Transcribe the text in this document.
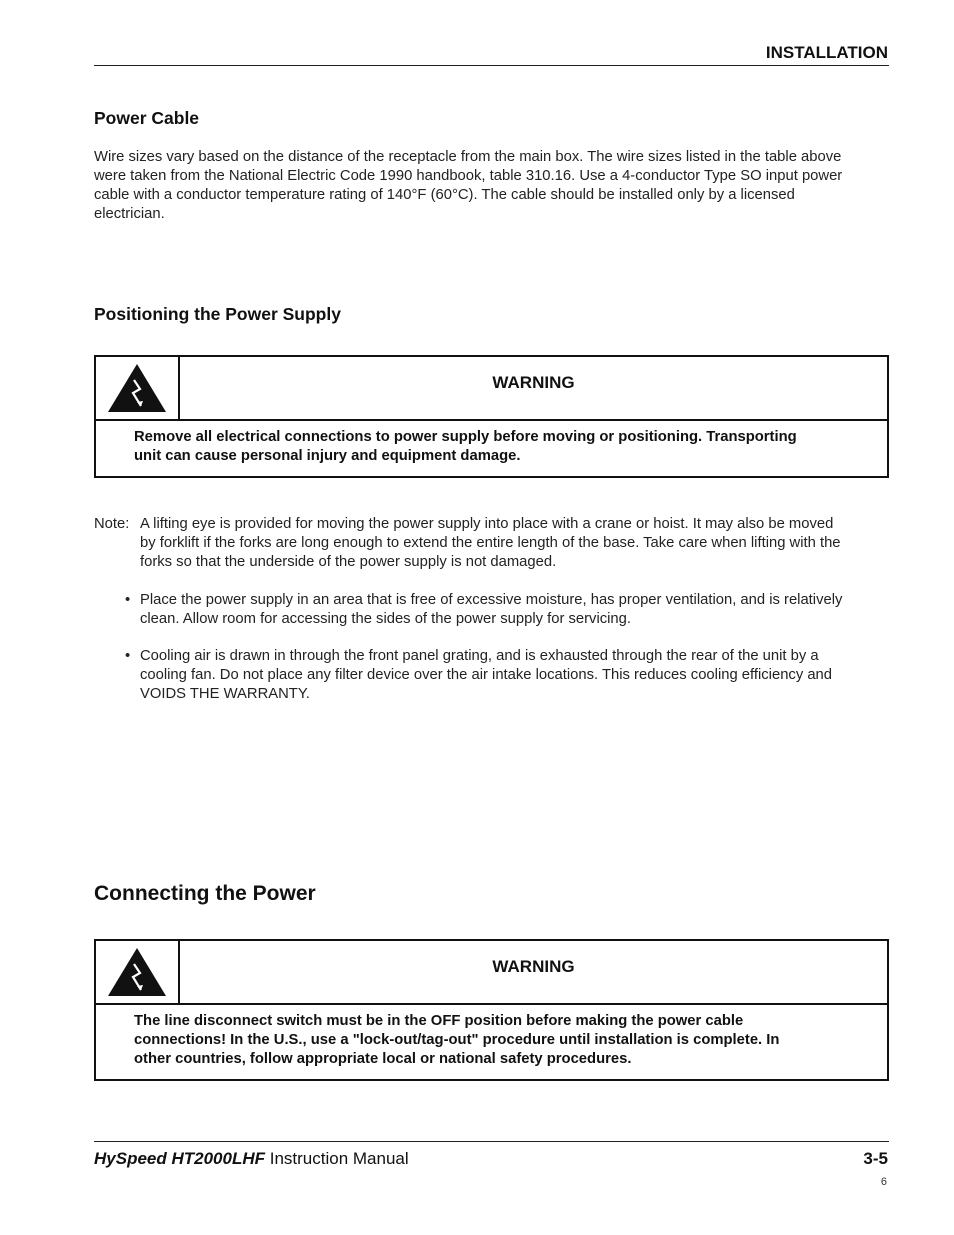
INSTALLATION
Power Cable
Wire sizes vary based on the distance of the receptacle from the main box. The wire sizes listed in the table above
were taken from the National Electric Code 1990 handbook, table 310.16. Use a 4-conductor Type SO input power
cable with a conductor temperature rating of 140°F (60°C). The cable should be installed only by a licensed
electrician.
Positioning the Power Supply
WARNING
Remove all electrical connections to power supply before moving or positioning. Transporting
unit can cause personal injury and equipment damage.
Note: A lifting eye is provided for moving the power supply into place with a crane or hoist. It may also be moved
by forklift if the forks are long enough to extend the entire length of the base. Take care when lifting with the
forks so that the underside of the power supply is not damaged.
• Place the power supply in an area that is free of excessive moisture, has proper ventilation, and is relatively
clean. Allow room for accessing the sides of the power supply for servicing.
• Cooling air is drawn in through the front panel grating, and is exhausted through the rear of the unit by a
cooling fan. Do not place any filter device over the air intake locations. This reduces cooling efficiency and
VOIDS THE WARRANTY.
Connecting the Power
WARNING
The line disconnect switch must be in the OFF position before making the power cable
connections! In the U.S., use a "lock-out/tag-out" procedure until installation is complete. In
other countries, follow appropriate local or national safety procedures.
HySpeed HT2000LHF Instruction Manual	3-5
6
